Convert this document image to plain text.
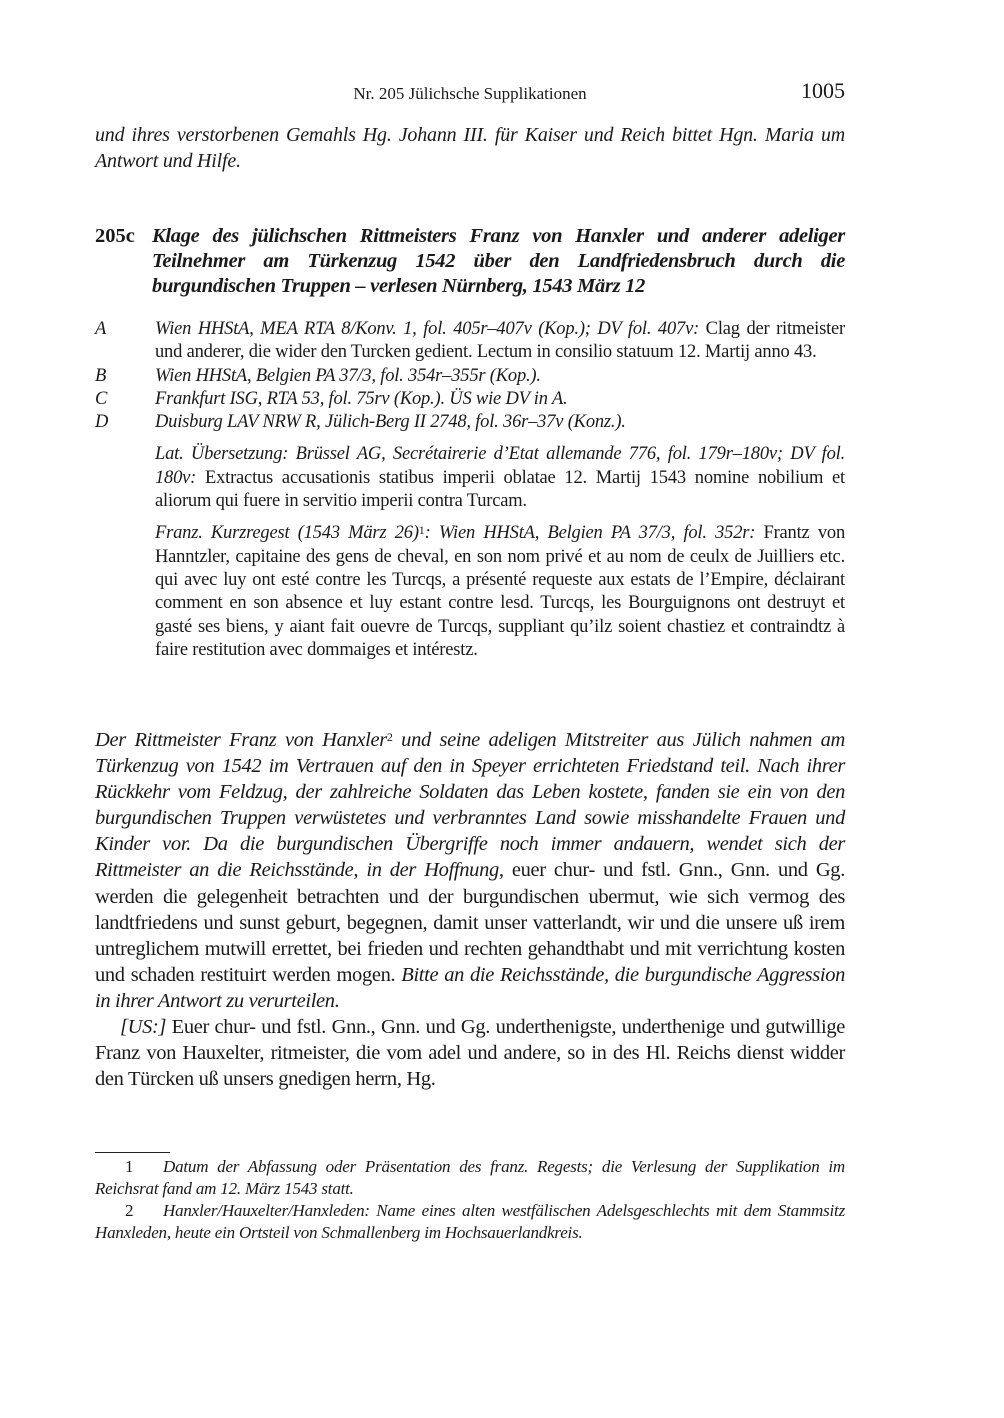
Nr. 205 Jülichsche Supplikationen	1005
und ihres verstorbenen Gemahls Hg. Johann III. für Kaiser und Reich bittet Hgn. Maria um Antwort und Hilfe.
205c Klage des jülichschen Rittmeisters Franz von Hanxler und anderer adeliger Teilnehmer am Türkenzug 1542 über den Landfriedensbruch durch die burgundischen Truppen – verlesen Nürnberg, 1543 März 12
A	Wien HHStA, MEA RTA 8/Konv. 1, fol. 405r–407v (Kop.); DV fol. 407v: Clag der ritmeister und anderer, die wider den Turcken gedient. Lectum in consilio statuum 12. Martij anno 43.
B	Wien HHStA, Belgien PA 37/3, fol. 354r–355r (Kop.).
C	Frankfurt ISG, RTA 53, fol. 75rv (Kop.). ÜS wie DV in A.
D	Duisburg LAV NRW R, Jülich-Berg II 2748, fol. 36r–37v (Konz.).
Lat. Übersetzung: Brüssel AG, Secrétairerie d’Etat allemande 776, fol. 179r–180v; DV fol. 180v: Extractus accusationis statibus imperii oblatae 12. Martij 1543 nomine nobilium et aliorum qui fuere in servitio imperii contra Turcam.
Franz. Kurzregest (1543 März 26)$^1$: Wien HHStA, Belgien PA 37/3, fol. 352r: Frantz von Hanntzler, capitaine des gens de cheval, en son nom privé et au nom de ceulx de Juilliers etc. qui avec luy ont esté contre les Turcqs, a présenté requeste aux estats de l’Empire, déclairant comment en son absence et luy estant contre lesd. Turcqs, les Bourguignons ont destruyt et gasté ses biens, y aiant fait ouevre de Turcqs, suppliant qu’ilz soient chastiez et contraindtz à faire restitution avec dommaiges et intérestz.

Der Rittmeister Franz von Hanxler$^2$ und seine adeligen Mitstreiter aus Jülich nahmen am Türkenzug von 1542 im Vertrauen auf den in Speyer errichteten Friedstand teil. Nach ihrer Rückkehr vom Feldzug, der zahlreiche Soldaten das Leben kostete, fanden sie ein von den burgundischen Truppen verwüstetes und verbranntes Land sowie misshandelte Frauen und Kinder vor. Da die burgundischen Übergriffe noch immer andauern, wendet sich der Rittmeister an die Reichsstände, in der Hoffnung, euer chur- und fstl. Gnn., Gnn. und Gg. werden die gelegenheit betrachten und der burgundischen ubermut, wie sich vermog des landtfriedens und sunst geburt, begegnen, damit unser vatterlandt, wir und die unsere uß irem untreglichem mutwill errettet, bei frieden und rechten gehandthabt und mit verrichtung kosten und schaden restituirt werden mogen. Bitte an die Reichsstände, die burgundische Aggression in ihrer Antwort zu verurteilen.

[US:] Euer chur- und fstl. Gnn., Gnn. und Gg. underthenigste, underthenige und gutwillige Franz von Hauxelter, ritmeister, die vom adel und andere, so in des Hl. Reichs dienst widder den Türcken uß unsers gnedigen herrn, Hg.

1 Datum der Abfassung oder Präsentation des franz. Regests; die Verlesung der Supplikation im Reichsrat fand am 12. März 1543 statt.

2 Hanxler/Hauxelter/Hanxleden: Name eines alten westfälischen Adelsgeschlechts mit dem Stammsitz Hanxleden, heute ein Ortsteil von Schmallenberg im Hochsauerlandkreis.
